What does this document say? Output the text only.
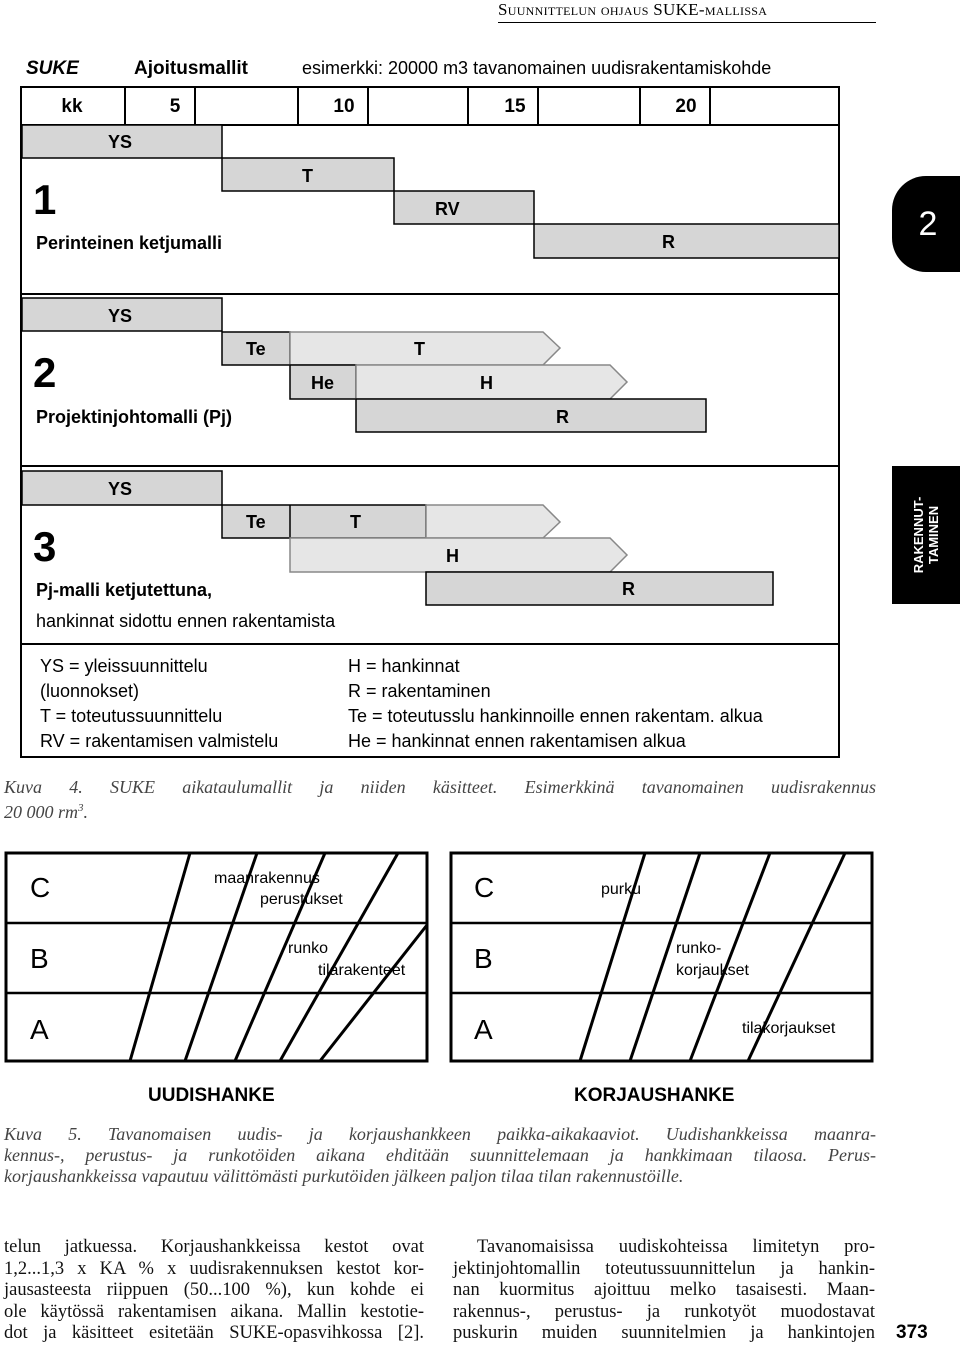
Suunnittelun ohjaus SUKE-mallissa
2
RAKENNUT- TAMINEN
SUKE	Ajoitusmallit	esimerkki: 20000 m3 tavanomainen uudisrakentamiskohde
kk	5	10	15	20
YS
T
RV
R
1
Perinteinen ketjumalli
YS
Te	T
He	H
R
2
Projektinjohtomalli (Pj)
YS
Te	T
H
R
3
Pj-malli ketjutettuna,
hankinnat sidottu ennen rakentamista
YS = yleissuunnittelu
(luonnokset)
T = toteutussuunnittelu
RV = rakentamisen valmistelu
H = hankinnat
R = rakentaminen
Te = toteutusslu hankinnoille ennen rakentam. alkua
He = hankinnat ennen rakentamisen alkua
Kuva 4. SUKE aikataulumallit ja niiden käsitteet. Esimerkkinä tavanomainen uudisrakennus
20 000 $rm^3$.
C
B
A
maanrakennus
perustukset
runko
tilarakenteet
UUDISHANKE
C
B
A
purku
runko-
korjaukset
tilakorjaukset
KORJAUSHANKE
Kuva 5. Tavanomaisen uudis- ja korjaushankkeen paikka-aikakaaviot. Uudishankkeissa maanra-
kennus-, perustus- ja runkotöiden aikana ehditään suunnittelemaan ja hankkimaan tilaosa. Perus-
korjaushankkeissa vapautuu välittömästi purkutöiden jälkeen paljon tilaa tilan rakennustöille.
telun jatkuessa. Korjaushankkeissa kestot ovat
1,2...1,3 x KA % x uudisrakennuksen kestot kor-
jausasteesta riippuen (50...100 %), kun kohde ei
ole käytössä rakentamisen aikana. Mallin kestotie-
dot ja käsitteet esitetään SUKE-opasvihkossa [2].
Tavanomaisissa uudiskohteissa limitetyn pro-
jektinjohtomallin toteutussuunnittelun ja hankin-
nan kuormitus ajoittuu melko tasaisesti. Maan-
rakennus-, perustus- ja runkotyöt muodostavat
puskurin muiden suunnitelmien ja hankintojen 373
